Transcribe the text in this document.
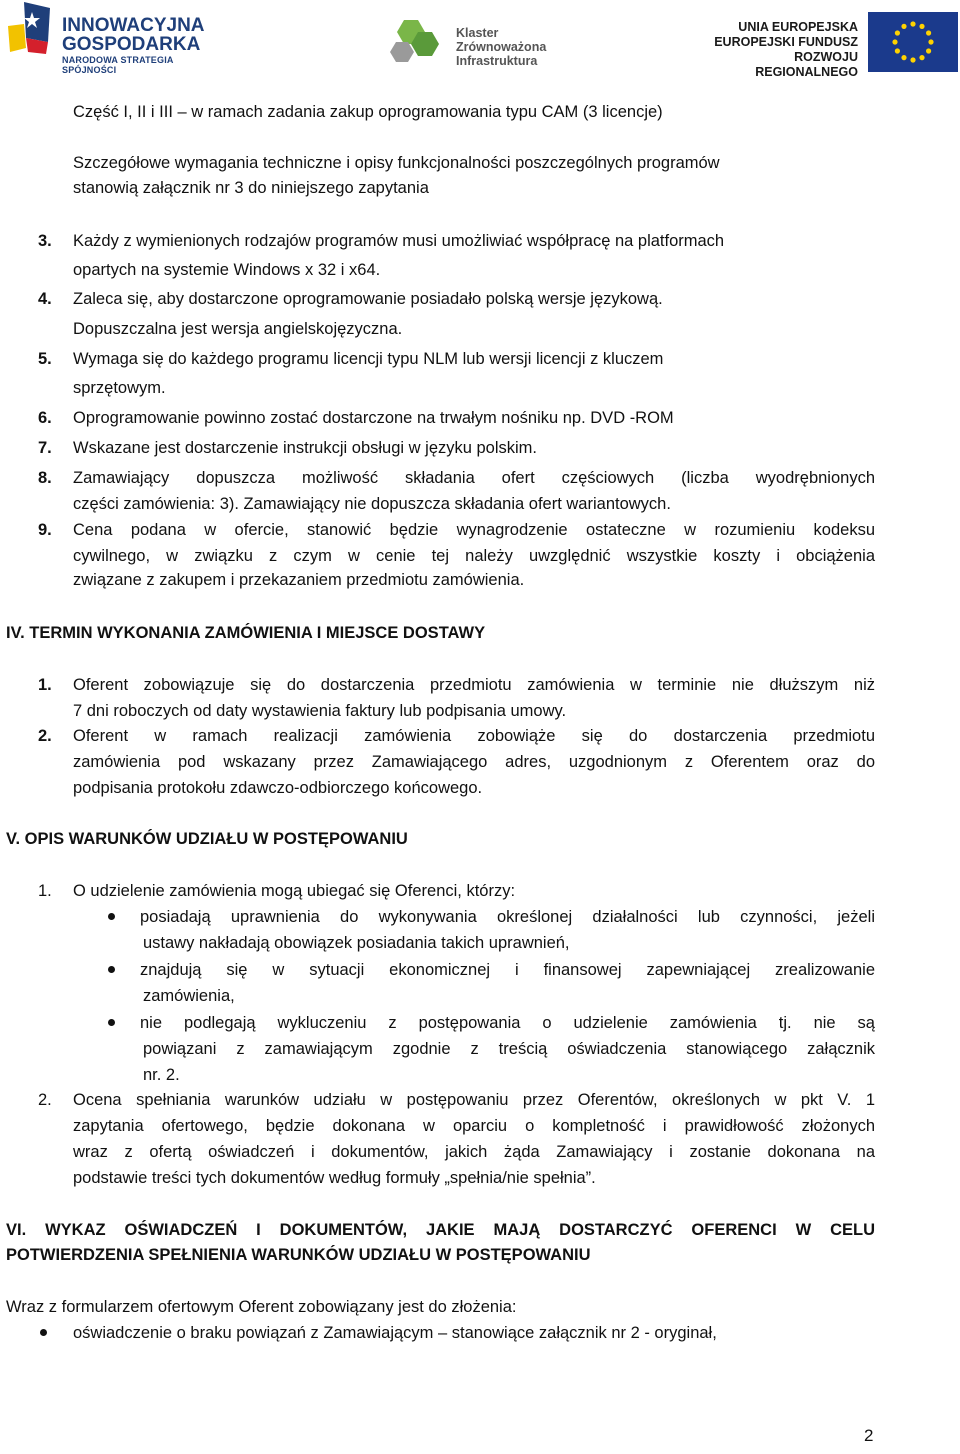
INNOWACYJNA
GOSPODARKA
NARODOWA STRATEGIA SPÓJNOŚCI
Klaster
Zrównoważona
Infrastruktura
UNIA EUROPEJSKA
EUROPEJSKI FUNDUSZ
ROZWOJU REGIONALNEGO
Część I, II i III – w ramach zadania zakup oprogramowania typu CAM (3 licencje)
Szczegółowe wymagania techniczne i opisy funkcjonalności poszczególnych programów
stanowią załącznik nr 3 do niniejszego zapytania
3. Każdy z wymienionych rodzajów programów musi umożliwiać współpracę na platformach
opartych na systemie Windows x 32 i x64.
4. Zaleca się, aby dostarczone oprogramowanie posiadało polską wersje językową.
Dopuszczalna jest wersja angielskojęzyczna.
5. Wymaga się do każdego programu licencji typu NLM lub wersji licencji z kluczem
sprzętowym.
6. Oprogramowanie powinno zostać dostarczone na trwałym nośniku np. DVD -ROM
7. Wskazane jest dostarczenie instrukcji obsługi w języku polskim.
8. Zamawiający dopuszcza możliwość składania ofert częściowych (liczba wyodrębnionych
części zamówienia: 3). Zamawiający nie dopuszcza składania ofert wariantowych.
9. Cena podana w ofercie, stanowić będzie wynagrodzenie ostateczne w rozumieniu kodeksu
cywilnego, w związku z czym w cenie tej należy uwzględnić wszystkie koszty i obciążenia
związane z zakupem i przekazaniem przedmiotu zamówienia.
IV. TERMIN WYKONANIA ZAMÓWIENIA I MIEJSCE DOSTAWY
1. Oferent zobowiązuje się do dostarczenia przedmiotu zamówienia w terminie nie dłuższym niż
7 dni roboczych od daty wystawienia faktury lub podpisania umowy.
2. Oferent w ramach realizacji zamówienia zobowiąże się do dostarczenia przedmiotu
zamówienia pod wskazany przez Zamawiającego adres, uzgodnionym z Oferentem oraz do
podpisania protokołu zdawczo-odbiorczego końcowego.
V. OPIS WARUNKÓW UDZIAŁU W POSTĘPOWANIU
1. O udzielenie zamówienia mogą ubiegać się Oferenci, którzy:
posiadają uprawnienia do wykonywania określonej działalności lub czynności, jeżeli
ustawy nakładają obowiązek posiadania takich uprawnień,
znajdują się w sytuacji ekonomicznej i finansowej zapewniającej zrealizowanie
zamówienia,
nie podlegają wykluczeniu z postępowania o udzielenie zamówienia tj. nie są
powiązani z zamawiającym zgodnie z treścią oświadczenia stanowiącego załącznik
nr. 2.
2. Ocena spełniania warunków udziału w postępowaniu przez Oferentów, określonych w pkt V. 1
zapytania ofertowego, będzie dokonana w oparciu o kompletność i prawidłowość złożonych
wraz z ofertą oświadczeń i dokumentów, jakich żąda Zamawiający i zostanie dokonana na
podstawie treści tych dokumentów według formuły „spełnia/nie spełnia”.
VI. WYKAZ OŚWIADCZEŃ I DOKUMENTÓW, JAKIE MAJĄ DOSTARCZYĆ OFERENCI W CELU
POTWIERDZENIA SPEŁNIENIA WARUNKÓW UDZIAŁU W POSTĘPOWANIU
Wraz z formularzem ofertowym Oferent zobowiązany jest do złożenia:
oświadczenie o braku powiązań z Zamawiającym – stanowiące załącznik nr 2 - oryginał,
2
